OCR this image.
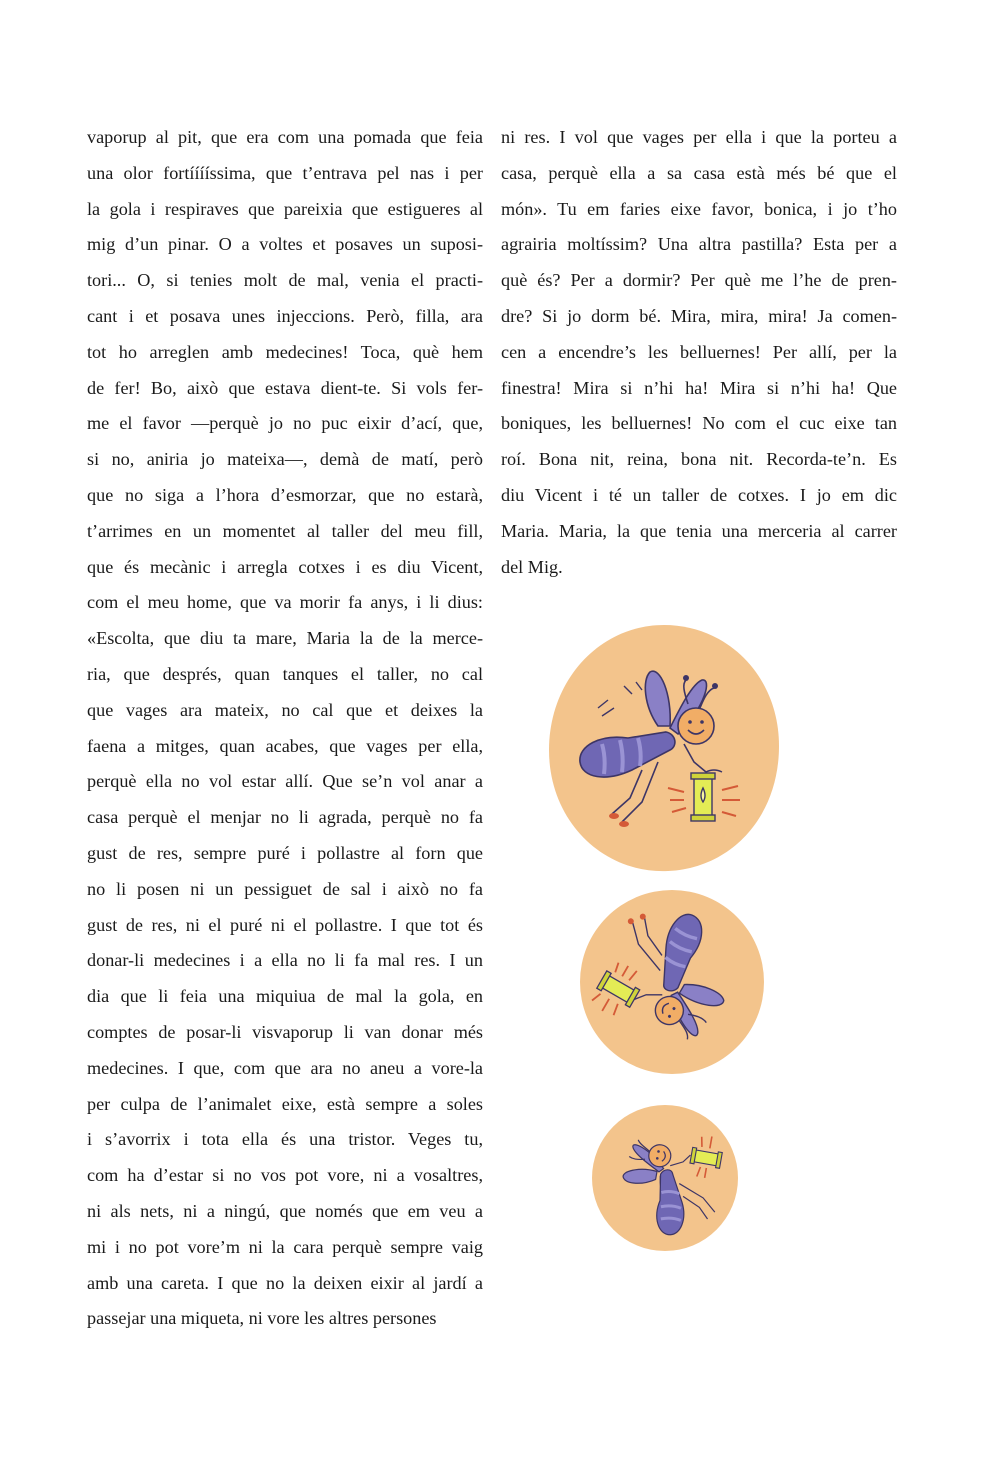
vaporup al pit, que era com una pomada que feia
una olor fortííííssima, que t’entrava pel nas i per
la gola i respiraves que pareixia que estigueres al
mig d’un pinar. O a voltes et posaves un suposi-
tori... O, si tenies molt de mal, venia el practi-
cant i et posava unes injeccions. Però, filla, ara
tot ho arreglen amb medecines! Toca, què hem
de fer! Bo, això que estava dient-te. Si vols fer-
me el favor —perquè jo no puc eixir d’ací, que,
si no, aniria jo mateixa—, demà de matí, però
que no siga a l’hora d’esmorzar, que no estarà,
t’arrimes en un momentet al taller del meu fill,
que és mecànic i arregla cotxes i es diu Vicent,
com el meu home, que va morir fa anys, i li dius:
«Escolta, que diu ta mare, Maria la de la merce-
ria, que després, quan tanques el taller, no cal
que vages ara mateix, no cal que et deixes la
faena a mitges, quan acabes, que vages per ella,
perquè ella no vol estar allí. Que se’n vol anar a
casa perquè el menjar no li agrada, perquè no fa
gust de res, sempre puré i pollastre al forn que
no li posen ni un pessiguet de sal i això no fa
gust de res, ni el puré ni el pollastre. I que tot és
donar-li medecines i a ella no li fa mal res. I un
dia que li feia una miquiua de mal la gola, en
comptes de posar-li visvaporup li van donar més
medecines. I que, com que ara no aneu a vore-la
per culpa de l’animalet eixe, està sempre a soles
i s’avorrix i tota ella és una tristor. Veges tu,
com ha d’estar si no vos pot vore, ni a vosaltres,
ni als nets, ni a ningú, que només que em veu a
mi i no pot vore’m ni la cara perquè sempre vaig
amb una careta. I que no la deixen eixir al jardí a
passejar una miqueta, ni vore les altres persones
ni res. I vol que vages per ella i que la porteu a
casa, perquè ella a sa casa està més bé que el
món». Tu em faries eixe favor, bonica, i jo t’ho
agrairia moltíssim? Una altra pastilla? Esta per a
què és? Per a dormir? Per què me l’he de pren-
dre? Si jo dorm bé. Mira, mira, mira! Ja comen-
cen a encendre’s les belluernes! Per allí, per la
finestra! Mira si n’hi ha! Mira si n’hi ha! Que
boniques, les belluernes! No com el cuc eixe tan
roí. Bona nit, reina, bona nit. Recorda-te’n. Es
diu Vicent i té un taller de cotxes. I jo em dic
Maria. Maria, la que tenia una merceria al carrer
del Mig.
